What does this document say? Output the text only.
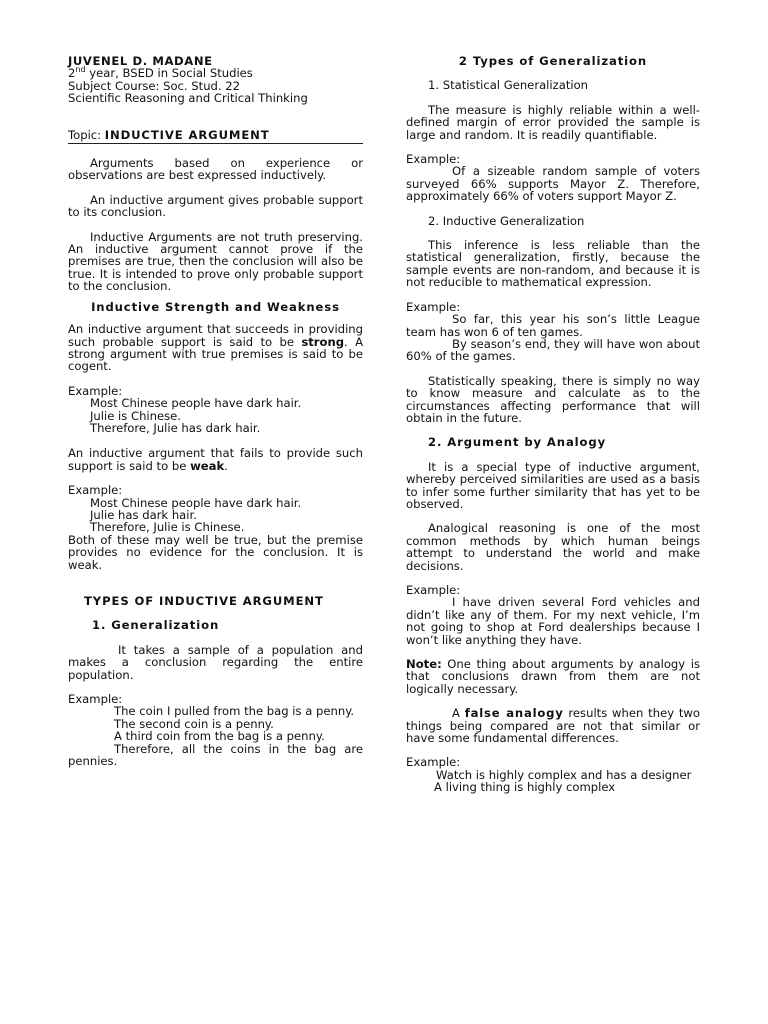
JUVENEL D. MADANE
2nd year, BSED in Social Studies
Subject Course: Soc. Stud. 22

Scientific Reasoning and Critical Thinking

Topic: INDUCTIVE ARGUMENT

Arguments based on experience or observations are best expressed inductively.

An inductive argument gives probable support to its conclusion.

Inductive Arguments are not truth preserving. An inductive argument cannot prove if the premises are true, then the conclusion will also be true. It is intended to prove only probable support to the conclusion.

Inductive Strength and Weakness

An inductive argument that succeeds in providing such probable support is said to be strong. A strong argument with true premises is said to be cogent.

Example:
Most Chinese people have dark hair.
Julie is Chinese.
Therefore, Julie has dark hair.

An inductive argument that fails to provide such support is said to be weak.

Example:
Most Chinese people have dark hair.
Julie has dark hair.
Therefore, Julie is Chinese.

Both of these may well be true, but the premise provides no evidence for the conclusion. It is weak.

TYPES OF INDUCTIVE ARGUMENT
1. Generalization

It takes a sample of a population and makes a conclusion regarding the entire population.

Example:

The coin I pulled from the bag is a penny.

The second coin is a penny.

A third coin from the bag is a penny.

Therefore, all the coins in the bag are pennies.

2 Types of Generalization
1. Statistical Generalization

The measure is highly reliable within a well-defined margin of error provided the sample is large and random. It is readily quantifiable.

Example:

Of a sizeable random sample of voters surveyed 66% supports Mayor Z. Therefore, approximately 66% of voters support Mayor Z.

2. Inductive Generalization

This inference is less reliable than the statistical generalization, firstly, because the sample events are non-random, and because it is not reducible to mathematical expression.

Example:

So far, this year his son’s little League team has won 6 of ten games.

By season’s end, they will have won about 60% of the games.

Statistically speaking, there is simply no way to know measure and calculate as to the circumstances affecting performance that will obtain in the future.

2. Argument by Analogy

It is a special type of inductive argument, whereby perceived similarities are used as a basis to infer some further similarity that has yet to be observed.

Analogical reasoning is one of the most common methods by which human beings attempt to understand the world and make decisions.

Example:

I have driven several Ford vehicles and didn’t like any of them. For my next vehicle, I’m not going to shop at Ford dealerships because I won’t like anything they have.

Note: One thing about arguments by analogy is that conclusions drawn from them are not logically necessary.

A false analogy results when they two things being compared are not that similar or have some fundamental differences.

Example:

Watch is highly complex and has a designer

A living thing is highly complex
